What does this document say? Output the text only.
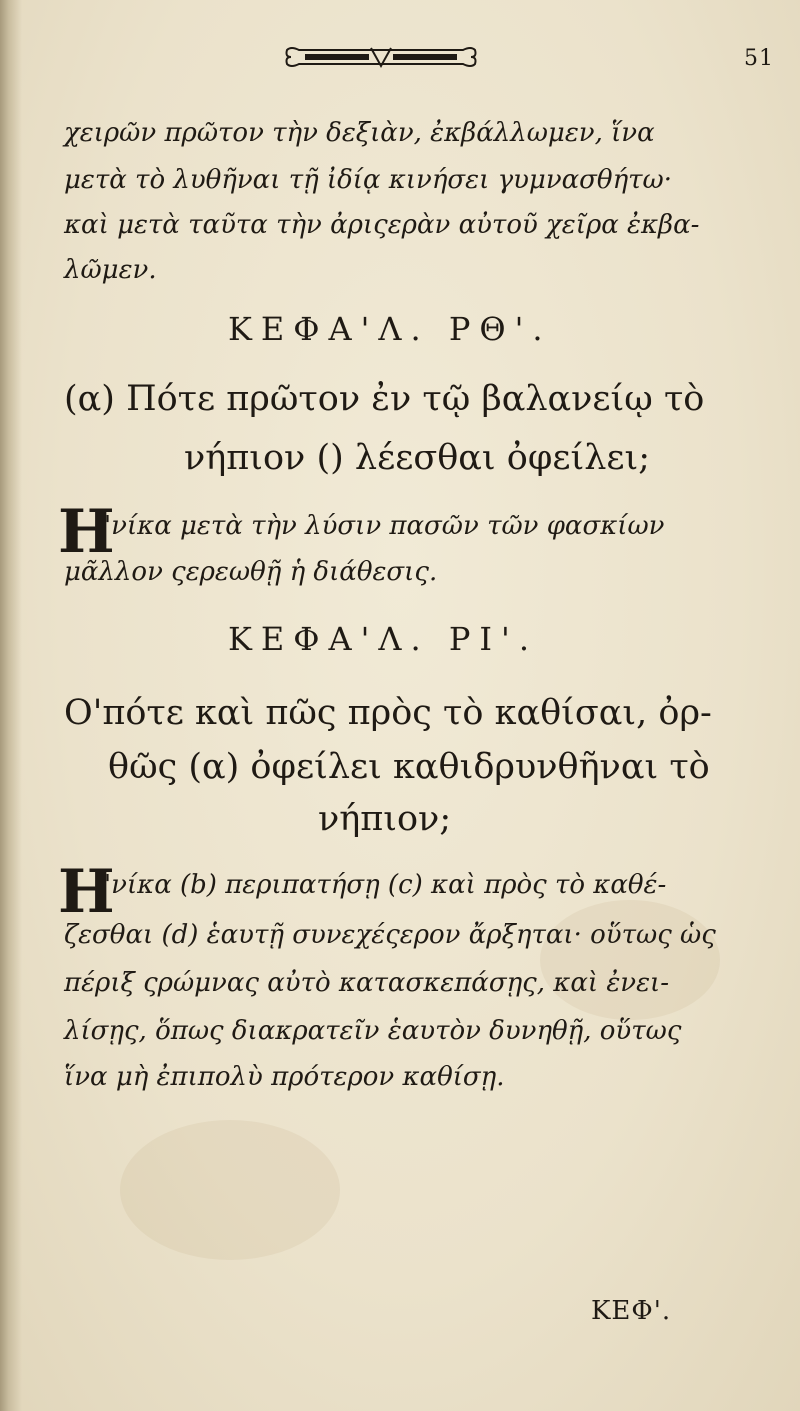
51
χειρῶν πρῶτον τὴν δεξιὰν, ἐκβάλλωμεν, ἵνα
μετὰ τὸ λυθῆναι τῇ ἰδίᾳ κινήσει γυμνασθήτω·
καὶ μετὰ ταῦτα τὴν ἀριςερὰν αὐτοῦ χεῖρα ἐκβα-
λῶμεν.
ΚΕΦΑ'Λ. ΡΘ'.
(α) Πότε πρῶτον ἐν τῷ βαλανείῳ τὸ
νήπιον () λέεσθαι ὀφείλει;
Η
'νίκα μετὰ τὴν λύσιν πασῶν τῶν φασκίων
μᾶλλον ςερεωθῇ ἡ διάθεσις.
ΚΕΦΑ'Λ. ΡΙ'.
Ο'πότε καὶ πῶς πρὸς τὸ καθίσαι, ὀρ-
θῶς (α) ὀφείλει καθιδρυνθῆναι τὸ
νήπιον;
Η
'νίκα (b) περιπατήσῃ (c) καὶ πρὸς τὸ καθέ-
ζεσθαι (d) ἑαυτῇ συνεχέςερον ἄρξηται· οὕτως ὡς
πέριξ ςρώμνας αὐτὸ κατασκεπάσῃς, καὶ ἐνει-
λίσῃς, ὅπως διακρατεῖν ἑαυτὸν δυνηθῇ, οὕτως
ἵνα μὴ ἐπιπολὺ πρότερον καθίσῃ.
ΚΕΦ'.
